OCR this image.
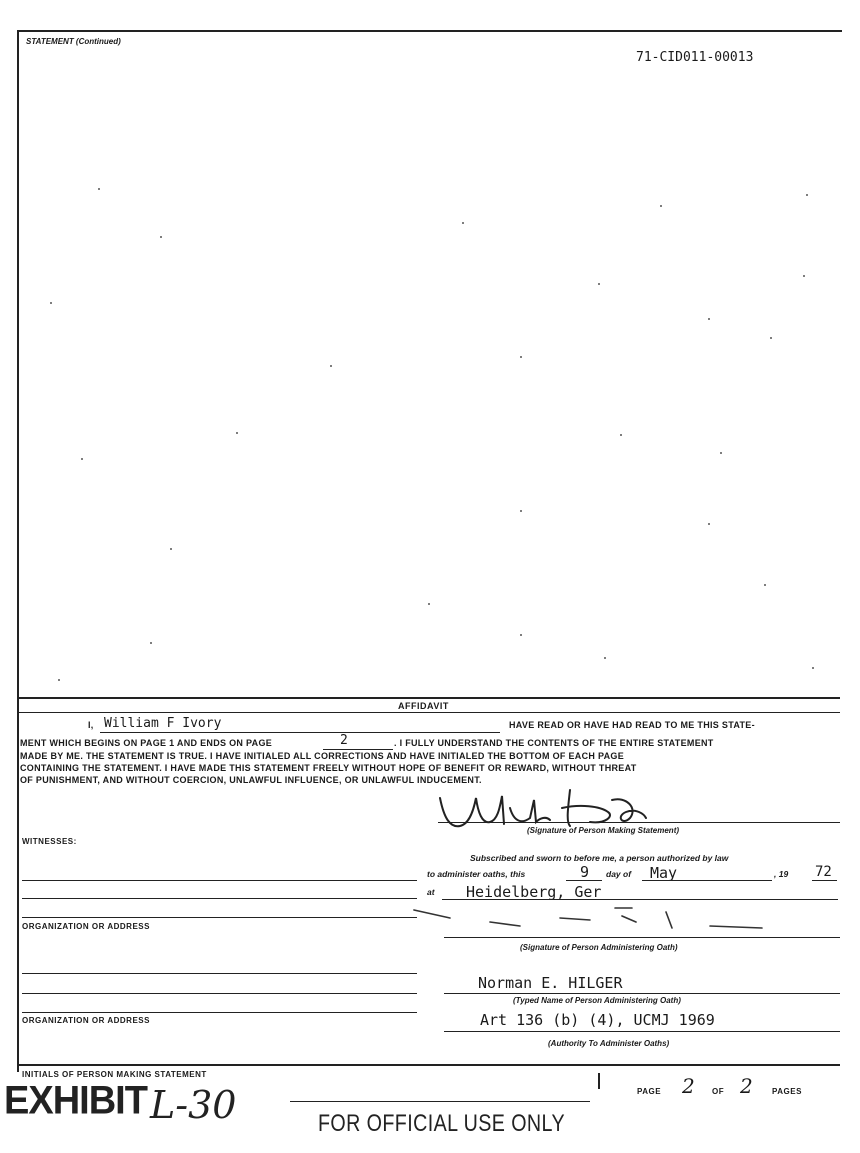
STATEMENT (Continued)
71-CID011-00013
AFFIDAVIT
I, William F Ivory	HAVE READ OR HAVE HAD READ TO ME THIS STATE-
MENT WHICH BEGINS ON PAGE 1 AND ENDS ON PAGE	2	. I FULLY UNDERSTAND THE CONTENTS OF THE ENTIRE STATEMENT
MADE BY ME. THE STATEMENT IS TRUE. I HAVE INITIALED ALL CORRECTIONS AND HAVE INITIALED THE BOTTOM OF EACH PAGE
CONTAINING THE STATEMENT. I HAVE MADE THIS STATEMENT FREELY WITHOUT HOPE OF BENEFIT OR REWARD, WITHOUT THREAT
OF PUNISHMENT, AND WITHOUT COERCION, UNLAWFUL INFLUENCE, OR UNLAWFUL INDUCEMENT.
(Signature of Person Making Statement)
WITNESSES:
ORGANIZATION OR ADDRESS
ORGANIZATION OR ADDRESS
Subscribed and sworn to before me, a person authorized by law
to administer oaths, this	9 day of May	, 19 72
at Heidelberg, Ger
(Signature of Person Administering Oath)
Norman E. HILGER
(Typed Name of Person Administering Oath)
Art 136 (b) (4), UCMJ 1969
(Authority To Administer Oaths)
INITIALS OF PERSON MAKING STATEMENT
PAGE 2 OF 2 PAGES
EXHIBIT L-30	FOR OFFICIAL USE ONLY
